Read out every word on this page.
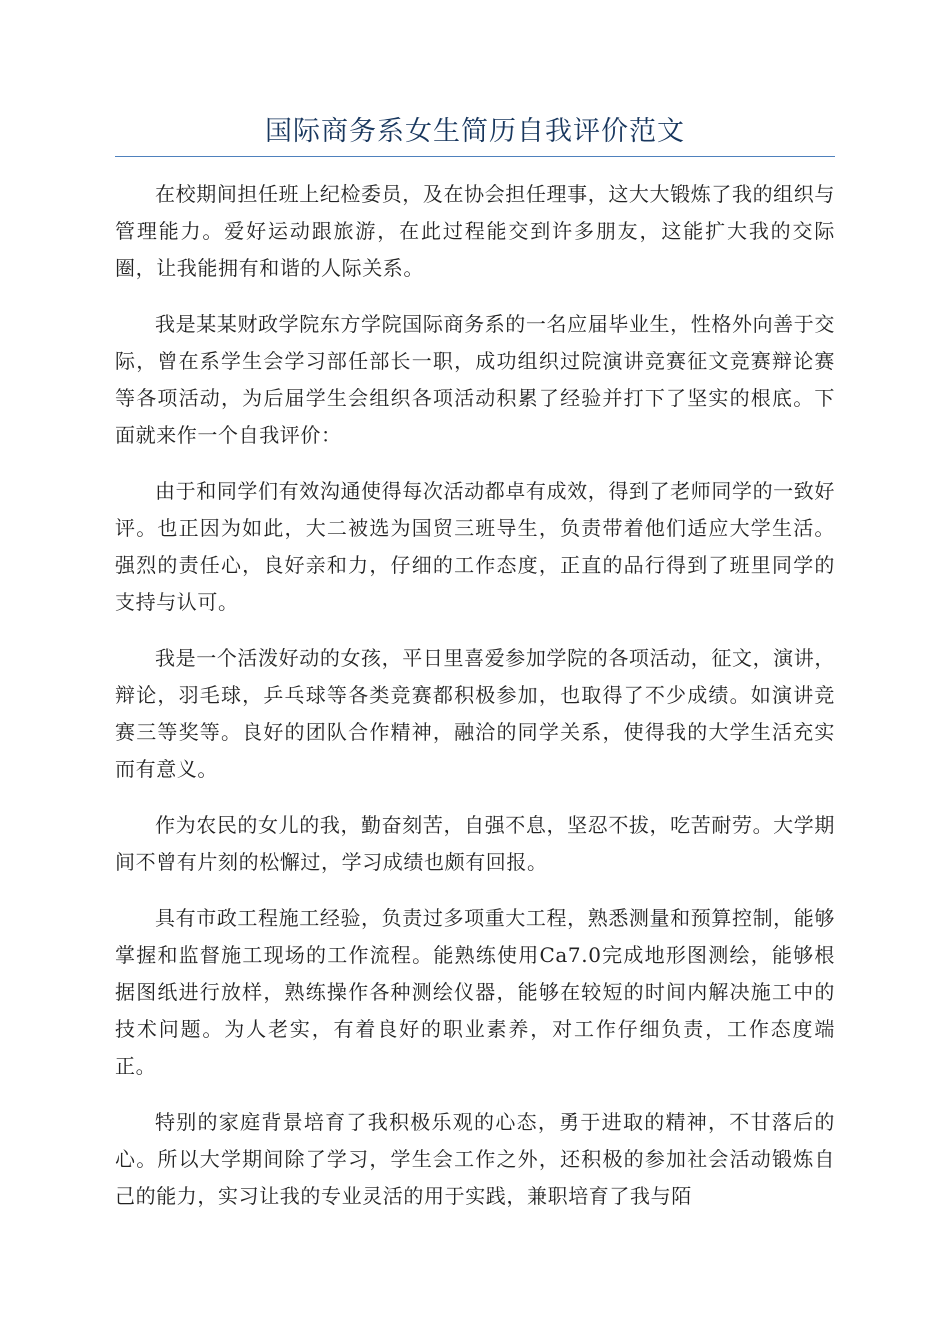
国际商务系女生简历自我评价范文

在校期间担任班上纪检委员，及在协会担任理事，这大大锻炼了我的组织与管理能力。爱好运动跟旅游，在此过程能交到许多朋友，这能扩大我的交际圈，让我能拥有和谐的人际关系。

我是某某财政学院东方学院国际商务系的一名应届毕业生，性格外向善于交际，曾在系学生会学习部任部长一职，成功组织过院演讲竞赛征文竞赛辩论赛等各项活动，为后届学生会组织各项活动积累了经验并打下了坚实的根底。下面就来作一个自我评价：

由于和同学们有效沟通使得每次活动都卓有成效，得到了老师同学的一致好评。也正因为如此，大二被选为国贸三班导生，负责带着他们适应大学生活。强烈的责任心，良好亲和力，仔细的工作态度，正直的品行得到了班里同学的支持与认可。

我是一个活泼好动的女孩，平日里喜爱参加学院的各项活动，征文，演讲，辩论，羽毛球，乒乓球等各类竞赛都积极参加，也取得了不少成绩。如演讲竞赛三等奖等。良好的团队合作精神，融洽的同学关系，使得我的大学生活充实而有意义。

作为农民的女儿的我，勤奋刻苦，自强不息，坚忍不拔，吃苦耐劳。大学期间不曾有片刻的松懈过，学习成绩也颇有回报。

具有市政工程施工经验，负责过多项重大工程，熟悉测量和预算控制，能够掌握和监督施工现场的工作流程。能熟练使用Ca7.0完成地形图测绘，能够根据图纸进行放样，熟练操作各种测绘仪器，能够在较短的时间内解决施工中的技术问题。为人老实，有着良好的职业素养，对工作仔细负责，工作态度端正。

特别的家庭背景培育了我积极乐观的心态，勇于进取的精神，不甘落后的心。所以大学期间除了学习，学生会工作之外，还积极的参加社会活动锻炼自己的能力，实习让我的专业灵活的用于实践，兼职培育了我与陌
